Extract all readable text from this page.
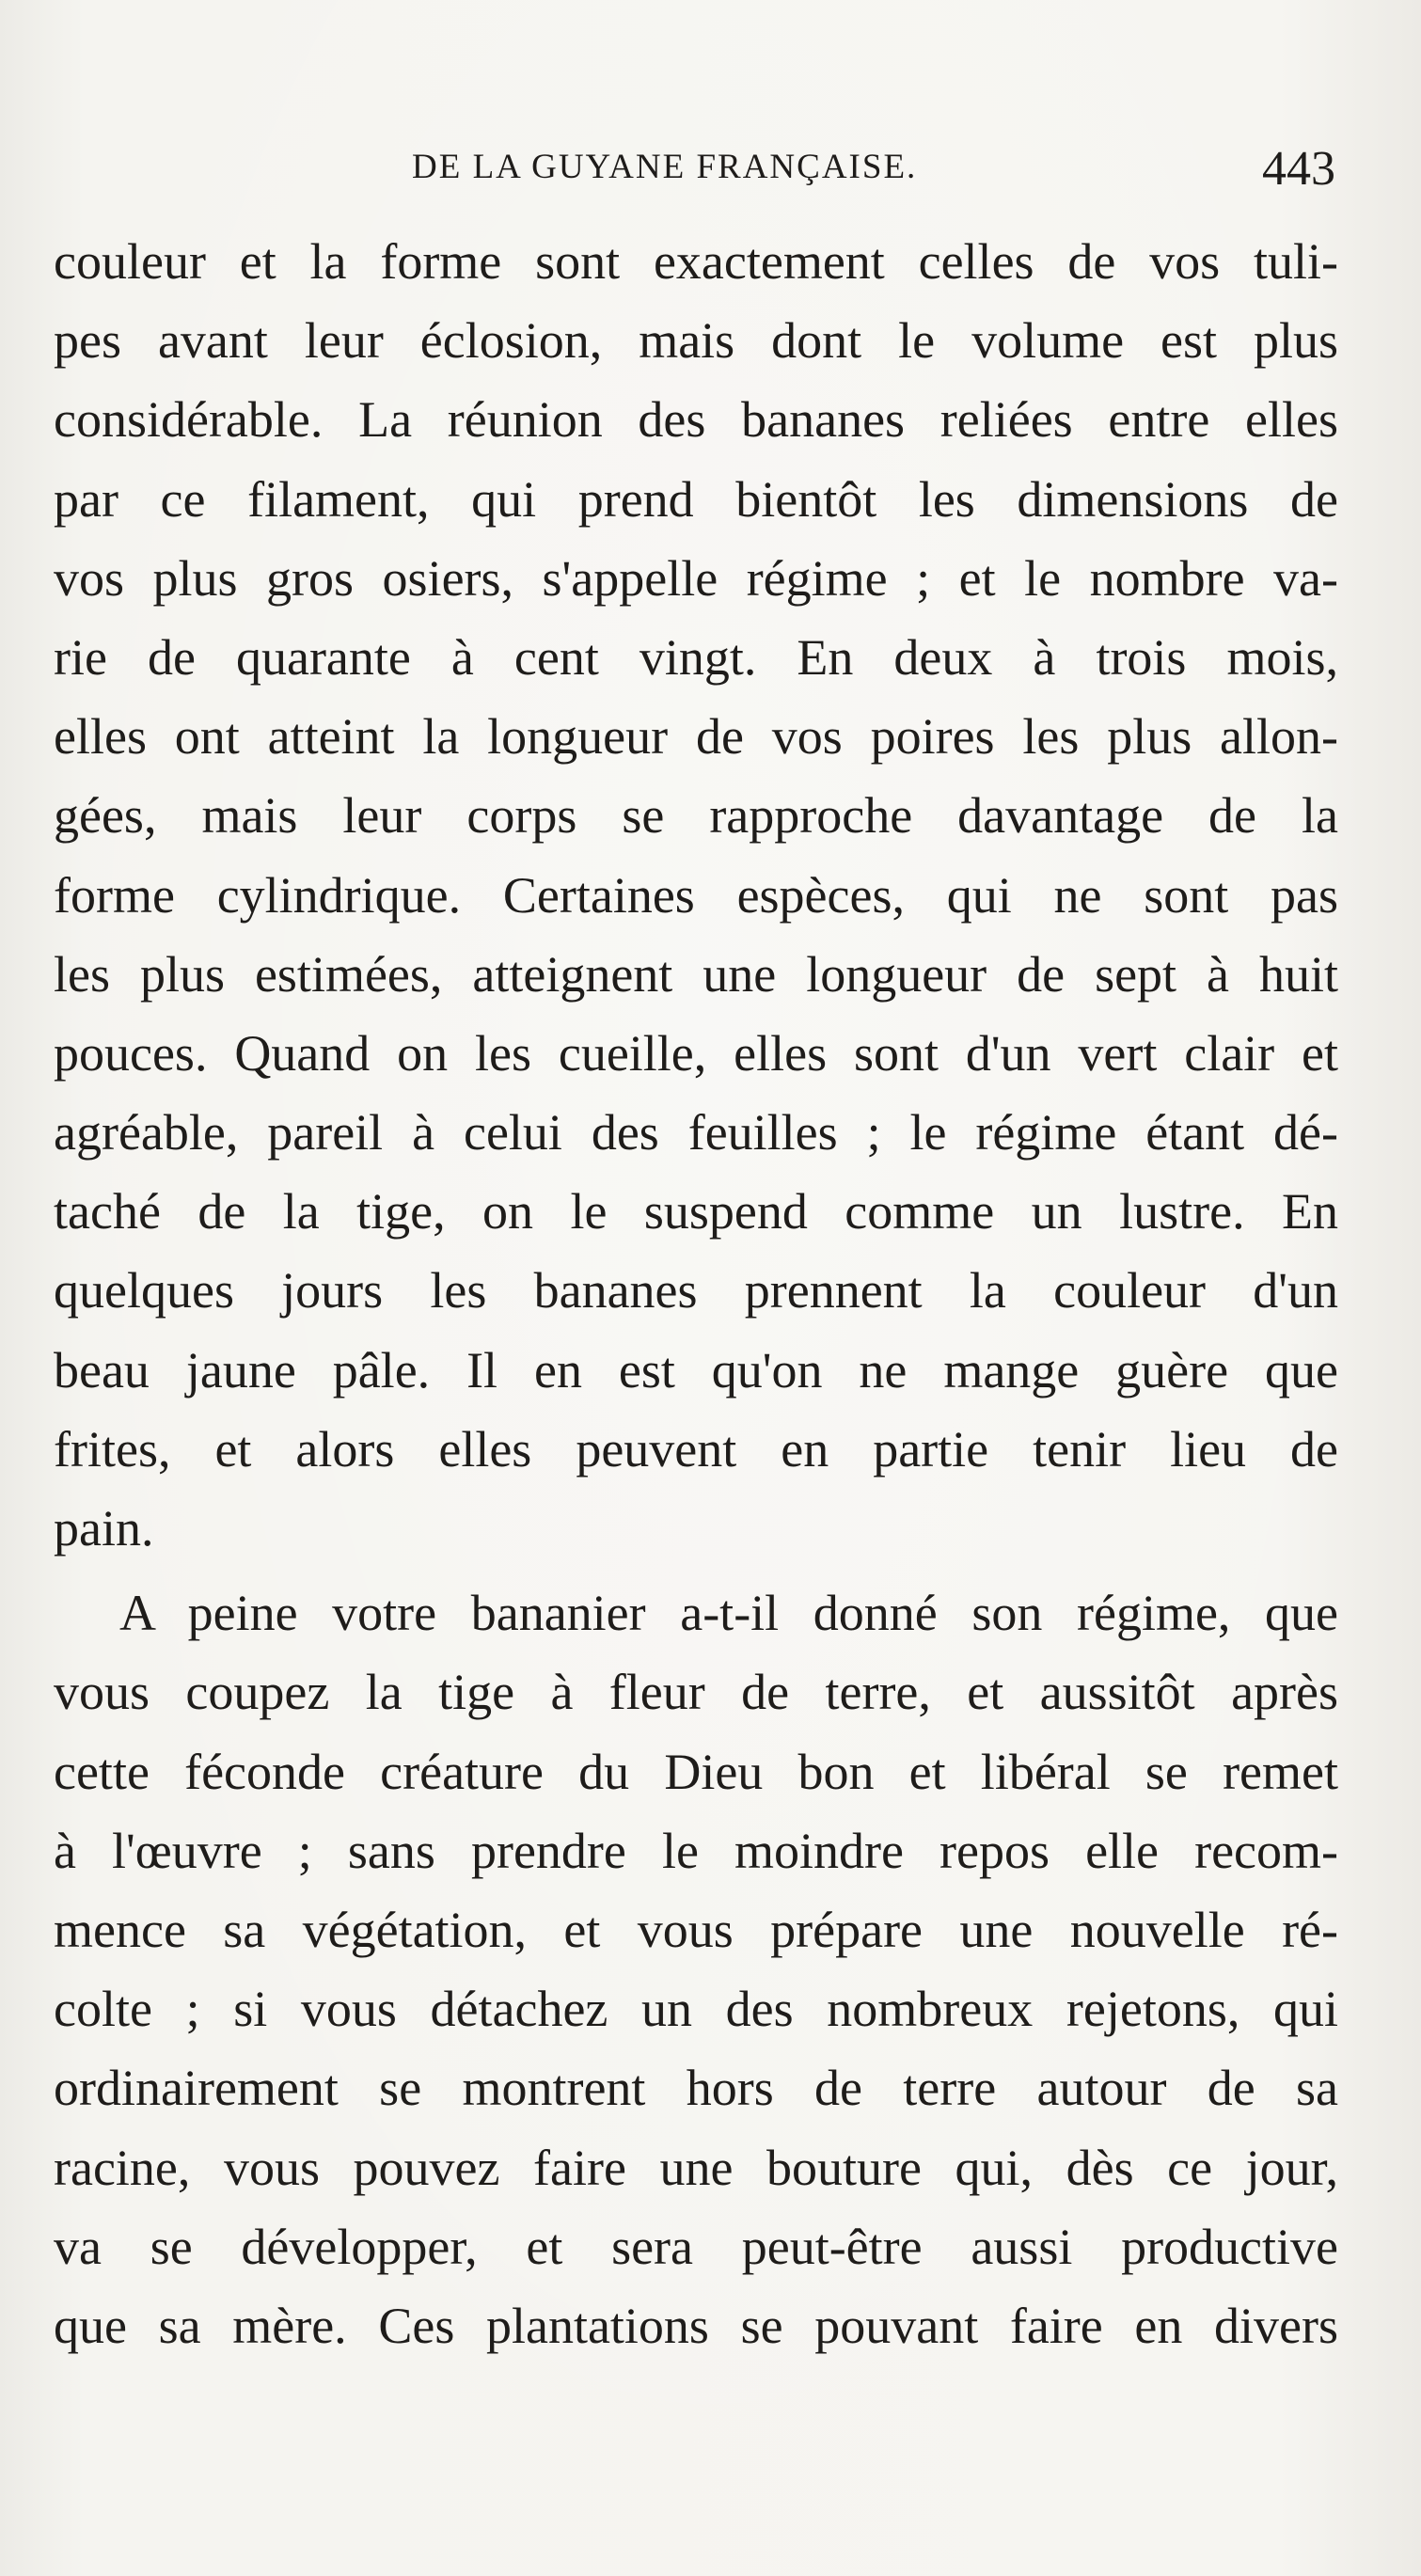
DE LA GUYANE FRANÇAISE.	443
couleur et la forme sont exactement celles de vos tuli-
pes avant leur éclosion, mais dont le volume est plus
considérable. La réunion des bananes reliées entre elles
par ce filament, qui prend bientôt les dimensions de
vos plus gros osiers, s'appelle régime ; et le nombre va-
rie de quarante à cent vingt. En deux à trois mois,
elles ont atteint la longueur de vos poires les plus allon-
gées, mais leur corps se rapproche davantage de la
forme cylindrique. Certaines espèces, qui ne sont pas
les plus estimées, atteignent une longueur de sept à huit
pouces. Quand on les cueille, elles sont d'un vert clair et
agréable, pareil à celui des feuilles ; le régime étant dé-
taché de la tige, on le suspend comme un lustre. En
quelques jours les bananes prennent la couleur d'un
beau jaune pâle. Il en est qu'on ne mange guère que
frites, et alors elles peuvent en partie tenir lieu de
pain.
A peine votre bananier a-t-il donné son régime, que
vous coupez la tige à fleur de terre, et aussitôt après
cette féconde créature du Dieu bon et libéral se remet
à l'œuvre ; sans prendre le moindre repos elle recom-
mence sa végétation, et vous prépare une nouvelle ré-
colte ; si vous détachez un des nombreux rejetons, qui
ordinairement se montrent hors de terre autour de sa
racine, vous pouvez faire une bouture qui, dès ce jour,
va se développer, et sera peut-être aussi productive
que sa mère. Ces plantations se pouvant faire en divers
